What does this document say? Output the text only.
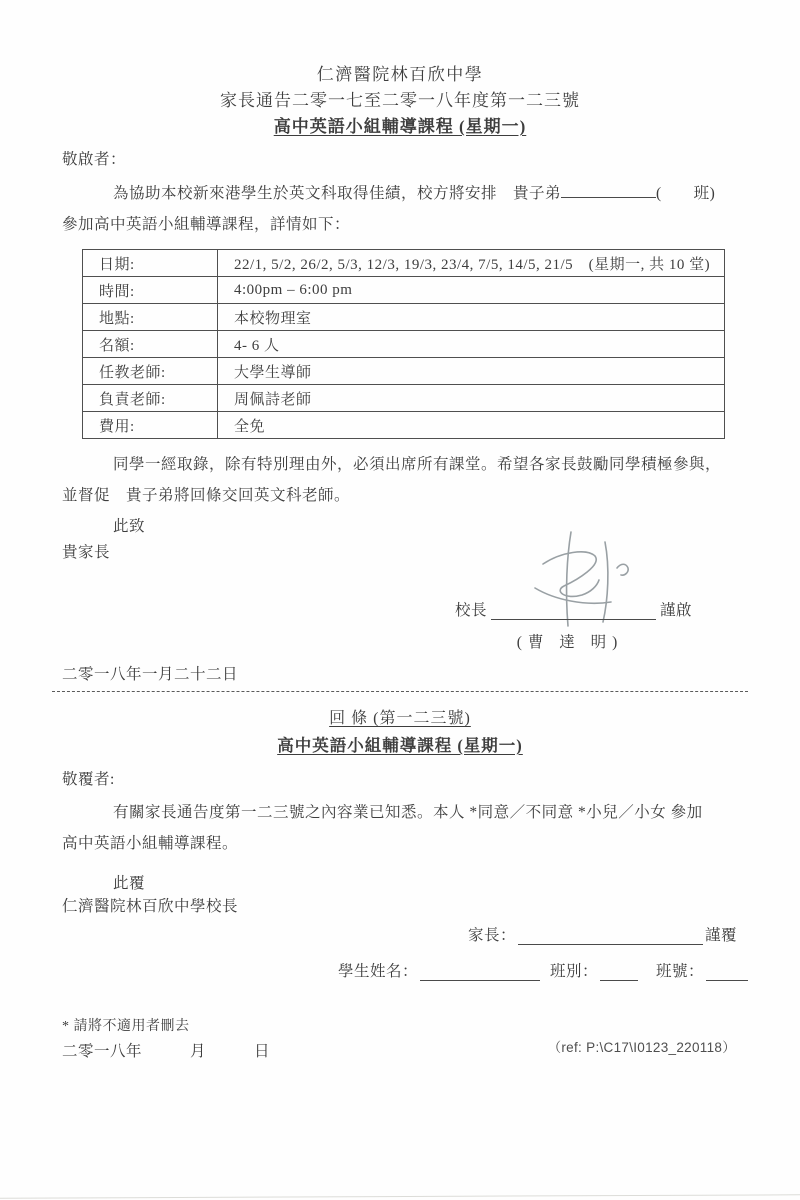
仁濟醫院林百欣中學
家長通告二零一七至二零一八年度第一二三號
高中英語小組輔導課程 (星期一)
敬啟者：
為協助本校新來港學生於英文科取得佳績，校方將安排　貴子弟	(　　班)
參加高中英語小組輔導課程，詳情如下：
日期:	22/1, 5/2, 26/2, 5/3, 12/3, 19/3, 23/4, 7/5, 14/5, 21/5　(星期一, 共 10 堂)
時間:	4:00pm – 6:00 pm
地點:	本校物理室
名額:	4- 6 人
任教老師:	大學生導師
負責老師:	周佩詩老師
費用:	全免
同學一經取錄，除有特別理由外，必須出席所有課堂。希望各家長鼓勵同學積極參與，
並督促　貴子弟將回條交回英文科老師。
此致
貴家長
校長	謹啟
(曹 達 明)
二零一八年一月二十二日
回 條 (第一二三號)
高中英語小組輔導課程 (星期一)
敬覆者:
有關家長通告度第一二三號之內容業已知悉。本人 *同意／不同意 *小兒／小女 參加
高中英語小組輔導課程。
此覆
仁濟醫院林百欣中學校長
家長：	謹覆
學生姓名：	班別：	班號：
* 請將不適用者刪去
二零一八年　　　月　　　日	（ref: P:\C17\I0123_220118）
